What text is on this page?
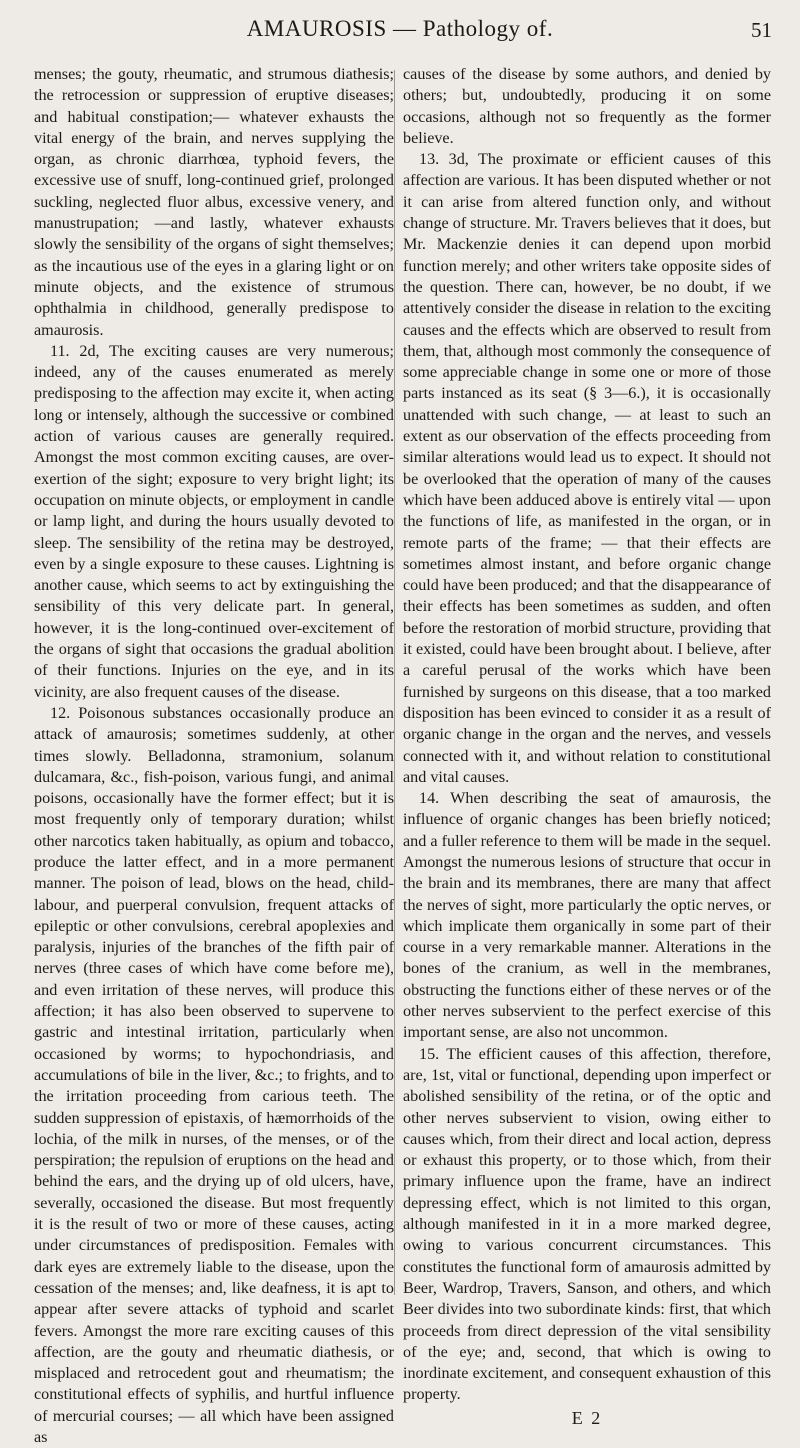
AMAUROSIS — Pathology of.	51

menses; the gouty, rheumatic, and strumous diathesis; the retrocession or suppression of eruptive diseases; and habitual constipation;— whatever exhausts the vital energy of the brain, and nerves supplying the organ, as chronic diarrhœa, typhoid fevers, the excessive use of snuff, long-continued grief, prolonged suckling, neglected fluor albus, excessive venery, and manustrupation; —and lastly, whatever exhausts slowly the sensibility of the organs of sight themselves; as the incautious use of the eyes in a glaring light or on minute objects, and the existence of strumous ophthalmia in childhood, generally predispose to amaurosis.

11. 2d, The exciting causes are very numerous; indeed, any of the causes enumerated as merely predisposing to the affection may excite it, when acting long or intensely, although the successive or combined action of various causes are generally required. Amongst the most common exciting causes, are over-exertion of the sight; exposure to very bright light; its occupation on minute objects, or employment in candle or lamp light, and during the hours usually devoted to sleep. The sensibility of the retina may be destroyed, even by a single exposure to these causes. Lightning is another cause, which seems to act by extinguishing the sensibility of this very delicate part. In general, however, it is the long-continued over-excitement of the organs of sight that occasions the gradual abolition of their functions. Injuries on the eye, and in its vicinity, are also frequent causes of the disease.

12. Poisonous substances occasionally produce an attack of amaurosis; sometimes suddenly, at other times slowly. Belladonna, stramonium, solanum dulcamara, &c., fish-poison, various fungi, and animal poisons, occasionally have the former effect; but it is most frequently only of temporary duration; whilst other narcotics taken habitually, as opium and tobacco, produce the latter effect, and in a more permanent manner. The poison of lead, blows on the head, child-labour, and puerperal convulsion, frequent attacks of epileptic or other convulsions, cerebral apoplexies and paralysis, injuries of the branches of the fifth pair of nerves (three cases of which have come before me), and even irritation of these nerves, will produce this affection; it has also been observed to supervene to gastric and intestinal irritation, particularly when occasioned by worms; to hypochondriasis, and accumulations of bile in the liver, &c.; to frights, and to the irritation proceeding from carious teeth. The sudden suppression of epistaxis, of hæmorrhoids of the lochia, of the milk in nurses, of the menses, or of the perspiration; the repulsion of eruptions on the head and behind the ears, and the drying up of old ulcers, have, severally, occasioned the disease. But most frequently it is the result of two or more of these causes, acting under circumstances of predisposition. Females with dark eyes are extremely liable to the disease, upon the cessation of the menses; and, like deafness, it is apt to appear after severe attacks of typhoid and scarlet fevers. Amongst the more rare exciting causes of this affection, are the gouty and rheumatic diathesis, or misplaced and retrocedent gout and rheumatism; the constitutional effects of syphilis, and hurtful influence of mercurial courses; — all which have been assigned as

causes of the disease by some authors, and denied by others; but, undoubtedly, producing it on some occasions, although not so frequently as the former believe.

13. 3d, The proximate or efficient causes of this affection are various. It has been disputed whether or not it can arise from altered function only, and without change of structure. Mr. Travers believes that it does, but Mr. Mackenzie denies it can depend upon morbid function merely; and other writers take opposite sides of the question. There can, however, be no doubt, if we attentively consider the disease in relation to the exciting causes and the effects which are observed to result from them, that, although most commonly the consequence of some appreciable change in some one or more of those parts instanced as its seat (§ 3—6.), it is occasionally unattended with such change, — at least to such an extent as our observation of the effects proceeding from similar alterations would lead us to expect. It should not be overlooked that the operation of many of the causes which have been adduced above is entirely vital — upon the functions of life, as manifested in the organ, or in remote parts of the frame; — that their effects are sometimes almost instant, and before organic change could have been produced; and that the disappearance of their effects has been sometimes as sudden, and often before the restoration of morbid structure, providing that it existed, could have been brought about. I believe, after a careful perusal of the works which have been furnished by surgeons on this disease, that a too marked disposition has been evinced to consider it as a result of organic change in the organ and the nerves, and vessels connected with it, and without relation to constitutional and vital causes.

14. When describing the seat of amaurosis, the influence of organic changes has been briefly noticed; and a fuller reference to them will be made in the sequel. Amongst the numerous lesions of structure that occur in the brain and its membranes, there are many that affect the nerves of sight, more particularly the optic nerves, or which implicate them organically in some part of their course in a very remarkable manner. Alterations in the bones of the cranium, as well in the membranes, obstructing the functions either of these nerves or of the other nerves subservient to the perfect exercise of this important sense, are also not uncommon.

15. The efficient causes of this affection, therefore, are, 1st, vital or functional, depending upon imperfect or abolished sensibility of the retina, or of the optic and other nerves subservient to vision, owing either to causes which, from their direct and local action, depress or exhaust this property, or to those which, from their primary influence upon the frame, have an indirect depressing effect, which is not limited to this organ, although manifested in it in a more marked degree, owing to various concurrent circumstances. This constitutes the functional form of amaurosis admitted by Beer, Wardrop, Travers, Sanson, and others, and which Beer divides into two subordinate kinds: first, that which proceeds from direct depression of the vital sensibility of the eye; and, second, that which is owing to inordinate excitement, and consequent exhaustion of this property.

E 2
